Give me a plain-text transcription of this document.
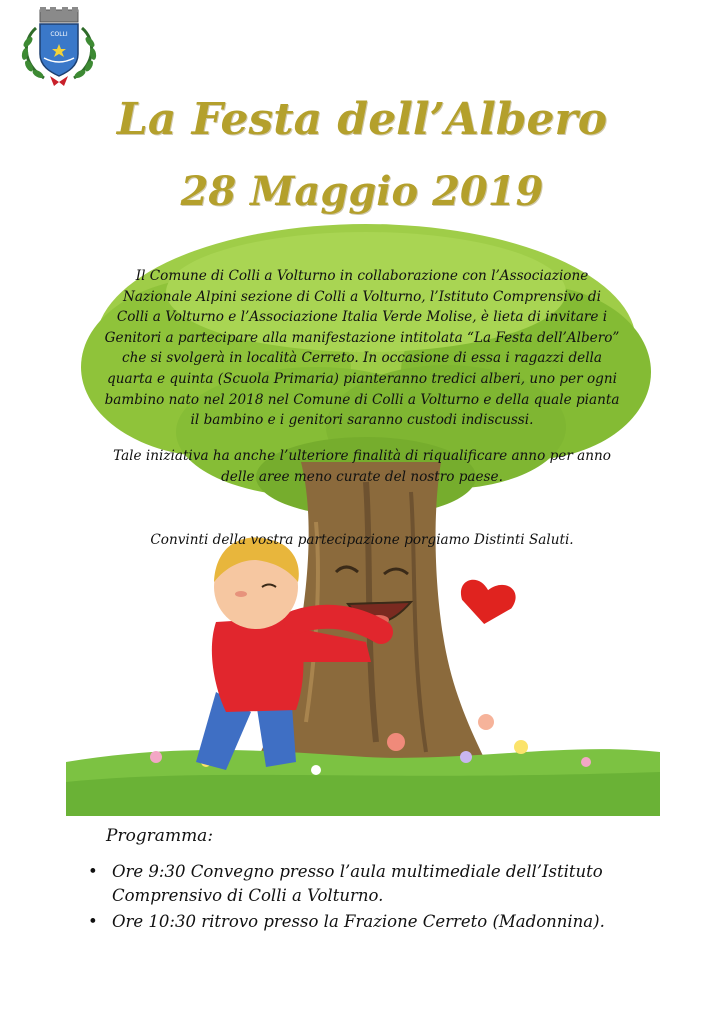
COLLI
La Festa dell’Albero
28 Maggio 2019
Il Comune di Colli a Volturno in collaborazione con l’Associazione
Nazionale Alpini sezione di Colli a Volturno, l’Istituto Comprensivo di
Colli a Volturno e l’Associazione Italia Verde Molise, è lieta di invitare i
Genitori a partecipare alla manifestazione intitolata “La Festa dell’Albero”
che si svolgerà in località Cerreto. In occasione di essa i ragazzi della
quarta e quinta (Scuola Primaria) pianteranno tredici alberi, uno per ogni
bambino nato nel 2018 nel Comune di Colli a Volturno e della quale pianta
il bambino e i genitori saranno custodi indiscussi.
Tale iniziativa ha anche l’ulteriore finalità di riqualificare anno per anno
delle aree meno curate del nostro paese.
Convinti della vostra partecipazione porgiamo Distinti Saluti.
Programma:
• Ore 9:30 Convegno presso l’aula multimediale dell’Istituto
Comprensivo di Colli a Volturno.
• Ore 10:30 ritrovo presso la Frazione Cerreto (Madonnina).
